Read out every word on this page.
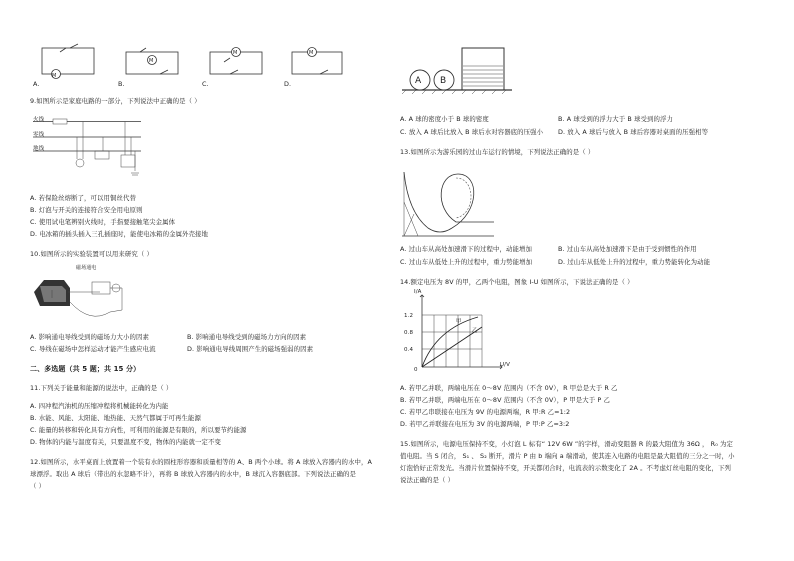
A.
M
B.
M
C.
M
D.
M
9.如图所示是家庭电路的一部分，下列说法中正确的是（ ）
火线
零线
地线
A. 若保险丝熔断了，可以用铜丝代替
B. 灯泡与开关的连接符合安全用电原则
C. 使用试电笔辨别火线时，手指要接触笔尖金属体
D. 电冰箱的插头插入三孔插座时，能使电冰箱的金属外壳接地
10.如图所示的实验装置可以用来研究（ ）
磁场通电
A. 影响通电导线受到的磁场力大小的因素	B. 影响通电导线受到的磁场力方向的因素
C. 导线在磁场中怎样运动才能产生感应电流	D. 影响通电导线周围产生的磁场强弱的因素
二、多选题（共 5 题；共 15 分）
11.下列关于能量和能源的说法中，正确的是（ ）
A. 四冲程汽油机的压缩冲程将机械能转化为内能
B. 水能、风能、太阳能、地热能、天然气都属于可再生能源
C. 能量的转移和转化具有方向性，可利用的能源是有限的，所以要节约能源
D. 物体的内能与温度有关，只要温度不变，物体的内能就一定不变
12.如图所示，水平桌面上放置着一个装有水的圆柱形容器和质量相等的 A、B 两个小球。将 A 球放入容器内的水中，A
球漂浮。取出 A 球后（带出的水忽略不计），再将 B 球放入容器内的水中，B 球沉入容器底部。下列说法正确的是
（ ）
A B
A. A 球的密度小于 B 球的密度	B. A 球受到的浮力大于 B 球受到的浮力
C. 放入 A 球后比放入 B 球后水对容器底的压强小 D. 放入 A 球后与放入 B 球后容器对桌面的压强相等
13.如图所示为游乐园的过山车运行的情境，下列说法正确的是（ ）
A. 过山车从高处加速滑下的过程中，动能增加	B. 过山车从高处加速滑下是由于受到惯性的作用
C. 过山车从低处上升的过程中，重力势能增加	D. 过山车从低处上升的过程中，重力势能转化为动能
14.额定电压为 8V 的甲，乙两个电阻，图象 I-U 如图所示，下说法正确的是（ ）
I/A
U/V
1.2
0.8
0.4
0
甲
乙
A. 若甲乙并联，两端电压在 0～8V 范围内（不含 0V），R 甲总是大于 R 乙
B. 若甲乙并联，两端电压在 0～8V 范围内（不含 0V），P 甲是大于 P 乙
C. 若甲乙串联接在电压为 9V 的电源两端，R 甲:R 乙=1:2
D. 若甲乙并联接在电压为 3V 的电源两端，P 甲:P 乙=3:2
15.如图所示，电源电压保持不变，小灯泡 L 标有“ 12V 6W ”的字样，滑动变阻器 R 的最大阻值为 36Ω ， R₀ 为定
值电阻。当 S 闭合， S₁ 、 S₂ 断开，滑片 P 由 b 端向 a 端滑动，使其连入电路的电阻是最大阻值的三分之一时，小
灯泡恰好正常发光。当滑片位置保持不变，开关都闭合时，电流表的示数变化了 2A 。不考虑灯丝电阻的变化，下列
说法正确的是（ ）
